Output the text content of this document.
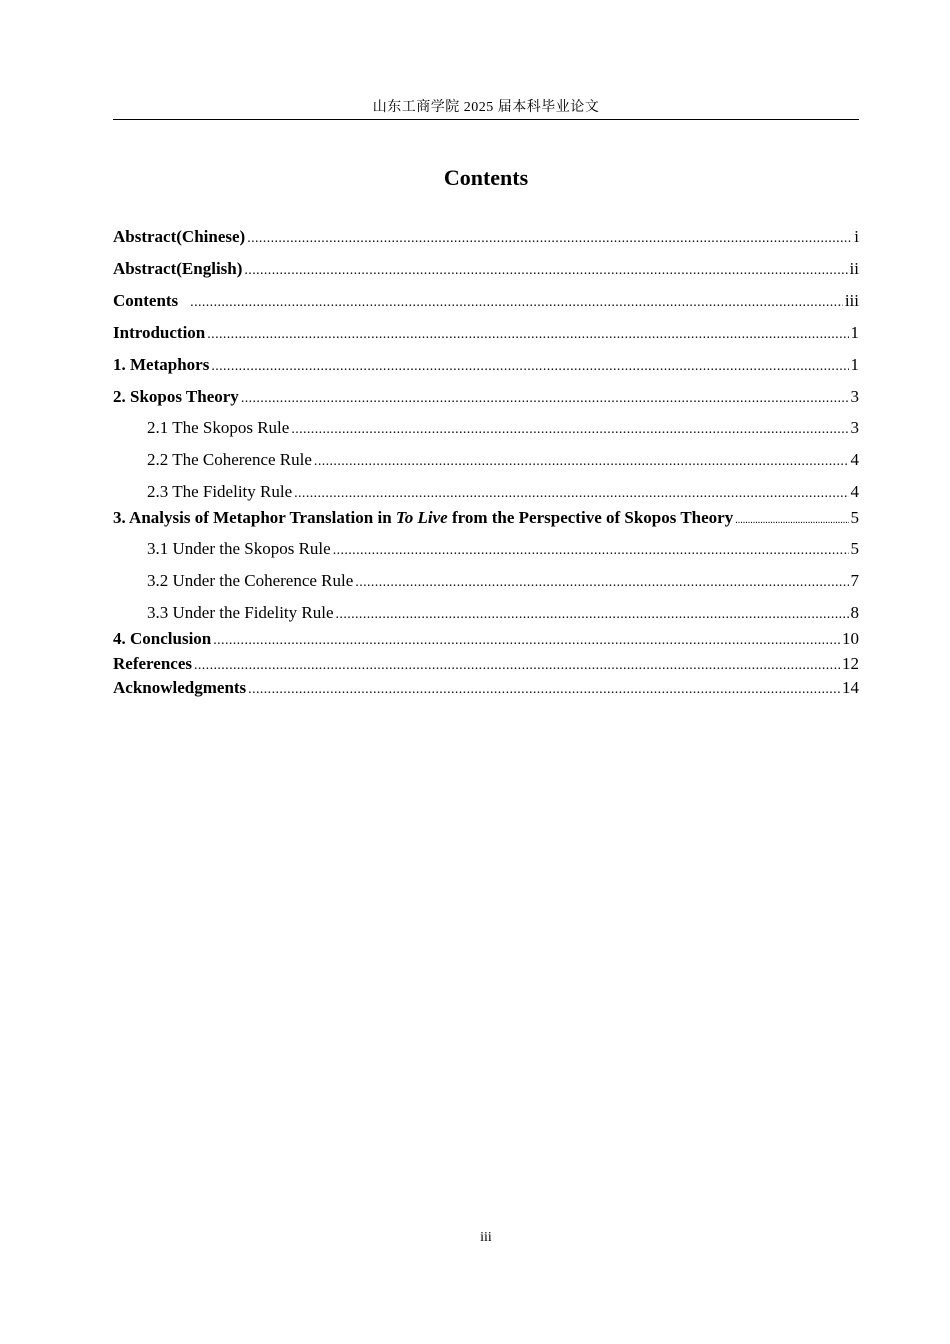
山东工商学院 2025 届本科毕业论文
Contents
Abstract(Chinese) .....	i
Abstract(English) .....	ii
Contents .....	iii
Introduction .....	1
1. Metaphors .....	1
2. Skopos Theory .....	3
2.1 The Skopos Rule .....	3
2.2 The Coherence Rule .....	4
2.3 The Fidelity Rule .....	4
3. Analysis of Metaphor Translation in To Live from the Perspective of Skopos Theory .....	5
3.1 Under the Skopos Rule .....	5
3.2 Under the Coherence Rule .....	7
3.3 Under the Fidelity Rule .....	8
4. Conclusion .....	10
References .....	12
Acknowledgments .....	14
iii
